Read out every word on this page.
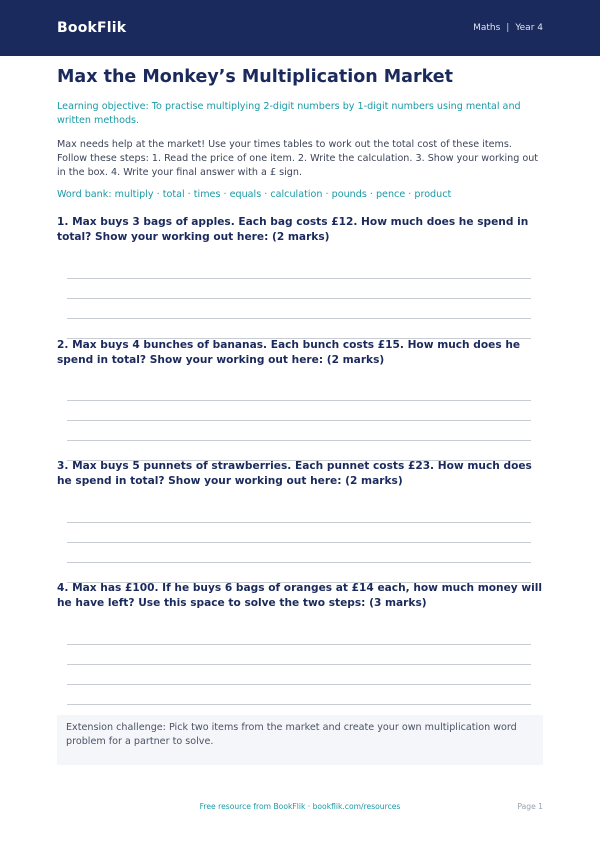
BookFlik	Maths | Year 4
Max the Monkey’s Multiplication Market
Learning objective: To practise multiplying 2-digit numbers by 1-digit numbers using mental and written methods.
Max needs help at the market! Use your times tables to work out the total cost of these items. Follow these steps: 1. Read the price of one item. 2. Write the calculation. 3. Show your working out in the box. 4. Write your final answer with a £ sign.
Word bank: multiply · total · times · equals · calculation · pounds · pence · product
1. Max buys 3 bags of apples. Each bag costs £12. How much does he spend in total? Show your working out here: (2 marks)
2. Max buys 4 bunches of bananas. Each bunch costs £15. How much does he spend in total? Show your working out here: (2 marks)
3. Max buys 5 punnets of strawberries. Each punnet costs £23. How much does he spend in total? Show your working out here: (2 marks)
4. Max has £100. If he buys 6 bags of oranges at £14 each, how much money will he have left? Use this space to solve the two steps: (3 marks)
Extension challenge: Pick two items from the market and create your own multiplication word problem for a partner to solve.
Free resource from BookFlik · bookflik.com/resources	Page 1
